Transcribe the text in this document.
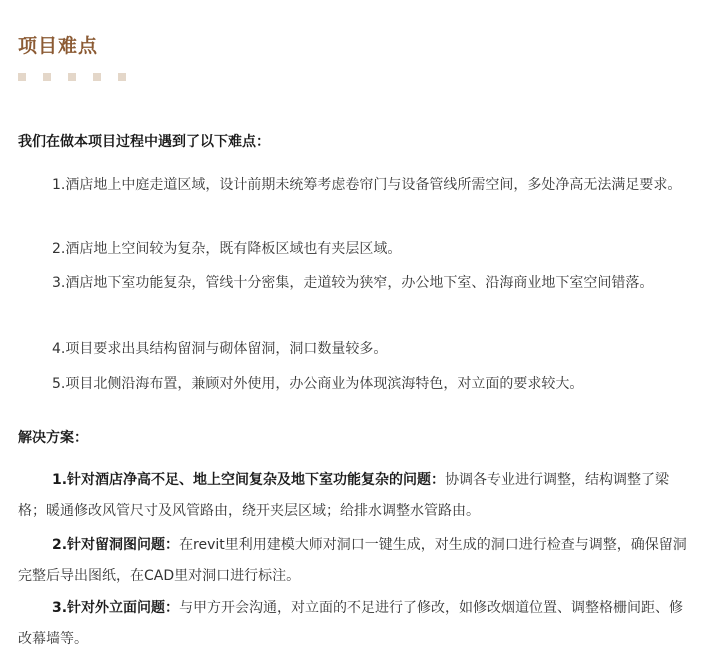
项目难点
我们在做本项目过程中遇到了以下难点：

1.酒店地上中庭走道区域，设计前期未统筹考虑卷帘门与设备管线所需空间，多处净高无法满足要求。

2.酒店地上空间较为复杂，既有降板区域也有夹层区域。

3.酒店地下室功能复杂，管线十分密集，走道较为狭窄，办公地下室、沿海商业地下室空间错落。

4.项目要求出具结构留洞与砌体留洞，洞口数量较多。

5.项目北侧沿海布置，兼顾对外使用，办公商业为体现滨海特色，对立面的要求较大。

解决方案：

1.针对酒店净高不足、地上空间复杂及地下室功能复杂的问题：协调各专业进行调整，结构调整了梁格；暖通修改风管尺寸及风管路由，绕开夹层区域；给排水调整水管路由。

2.针对留洞图问题：在revit里利用建模大师对洞口一键生成，对生成的洞口进行检查与调整，确保留洞完整后导出图纸，在CAD里对洞口进行标注。

3.针对外立面问题：与甲方开会沟通，对立面的不足进行了修改，如修改烟道位置、调整格栅间距、修改幕墙等。
